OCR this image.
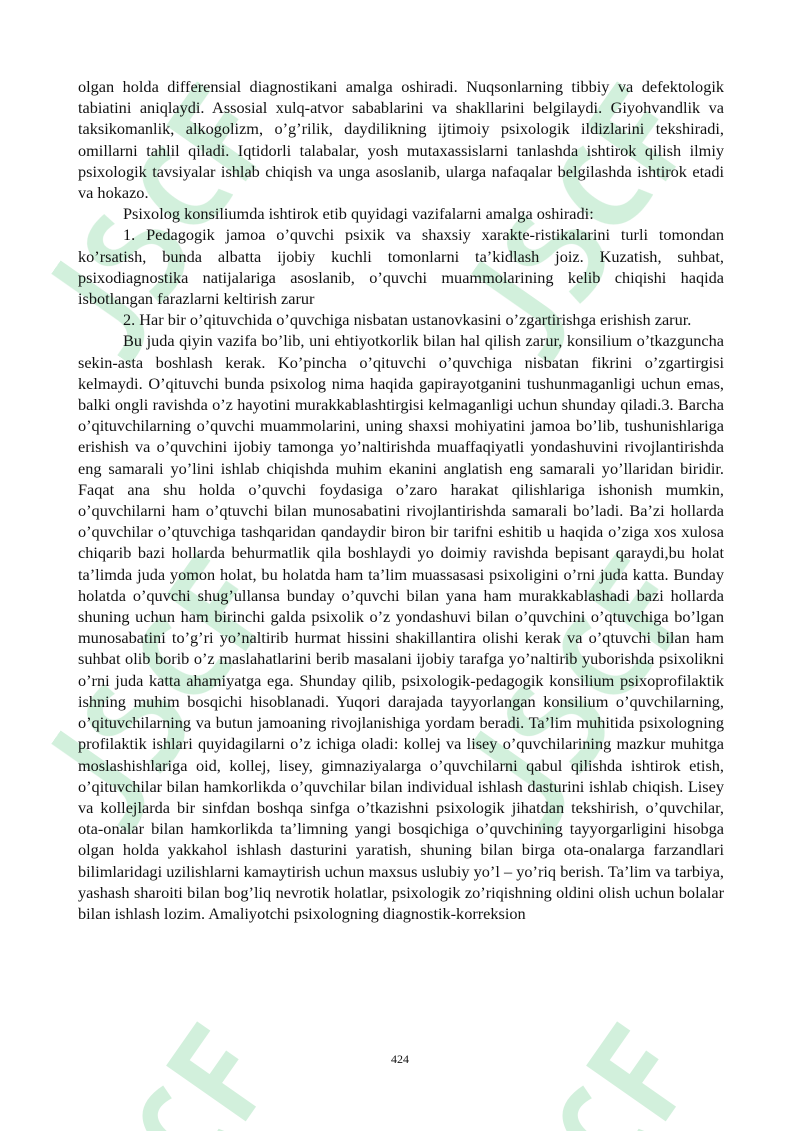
olgan holda differensial diagnostikani amalga oshiradi. Nuqsonlarning tibbiy va defektologik tabiatini aniqlaydi. Assosial xulq-atvor sabablarini va shakllarini belgilaydi. Giyohvandlik va taksikomanlik, alkogolizm, o’g’rilik, daydilikning ijtimoiy psixologik ildizlarini tekshiradi, omillarni tahlil qiladi. Iqtidorli talabalar, yosh mutaxassislarni tanlashda ishtirok qilish ilmiy psixologik tavsiyalar ishlab chiqish va unga asoslanib, ularga nafaqalar belgilashda ishtirok etadi va hokazo.

Psixolog konsiliumda ishtirok etib quyidagi vazifalarni amalga oshiradi:

1. Pedagogik jamoa o’quvchi psixik va shaxsiy xarakte-ristikalarini turli tomondan ko’rsatish, bunda albatta ijobiy kuchli tomonlarni ta’kidlash joiz. Kuzatish, suhbat, psixodiagnostika natijalariga asoslanib, o’quvchi muammolarining kelib chiqishi haqida isbotlangan farazlarni keltirish zarur

2. Har bir o’qituvchida o’quvchiga nisbatan ustanovkasini o’zgartirishga erishish zarur.

Bu juda qiyin vazifa bo’lib, uni ehtiyotkorlik bilan hal qilish zarur, konsilium o’tkazguncha sekin-asta boshlash kerak. Ko’pincha o’qituvchi o’quvchiga nisbatan fikrini o’zgartirgisi kelmaydi. O’qituvchi bunda psixolog nima haqida gapirayotganini tushunmaganligi uchun emas, balki ongli ravishda o’z hayotini murakkablashtirgisi kelmaganligi uchun shunday qiladi.3. Barcha o’qituvchilarning o’quvchi muammolarini, uning shaxsi mohiyatini jamoa bo’lib, tushunishlariga erishish va o’quvchini ijobiy tamonga yo’naltirishda muaffaqiyatli yondashuvini rivojlantirishda eng samarali yo’lini ishlab chiqishda muhim ekanini anglatish eng samarali yo’llaridan biridir. Faqat ana shu holda o’quvchi foydasiga o’zaro harakat qilishlariga ishonish mumkin, o’quvchilarni ham o’qtuvchi bilan munosabatini rivojlantirishda samarali bo’ladi. Ba’zi hollarda o’quvchilar o’qtuvchiga tashqaridan qandaydir biron bir tarifni eshitib u haqida o’ziga xos xulosa chiqarib bazi hollarda behurmatlik qila boshlaydi yo doimiy ravishda bepisant qaraydi,bu holat ta’limda juda yomon holat, bu holatda ham ta’lim muassasasi psixoligini o’rni juda katta. Bunday holatda o’quvchi shug’ullansa bunday o’quvchi bilan yana ham murakkablashadi bazi hollarda shuning uchun ham birinchi galda psixolik o’z yondashuvi bilan o’quvchini o’qtuvchiga bo’lgan munosabatini to’g’ri yo’naltirib hurmat hissini shakillantira olishi kerak va o’qtuvchi bilan ham suhbat olib borib o’z maslahatlarini berib masalani ijobiy tarafga yo’naltirib yuborishda psixolikni o’rni juda katta ahamiyatga ega. Shunday qilib, psixologik-pedagogik konsilium psixoprofilaktik ishning muhim bosqichi hisoblanadi. Yuqori darajada tayyorlangan konsilium o’quvchilarning, o’qituvchilarning va butun jamoaning rivojlanishiga yordam beradi. Ta’lim muhitida psixologning profilaktik ishlari quyidagilarni o’z ichiga oladi: kollej va lisey o’quvchilarining mazkur muhitga moslashishlariga oid, kollej, lisey, gimnaziyalarga o’quvchilarni qabul qilishda ishtirok etish, o’qituvchilar bilan hamkorlikda o’quvchilar bilan individual ishlash dasturini ishlab chiqish. Lisey va kollejlarda bir sinfdan boshqa sinfga o’tkazishni psixologik jihatdan tekshirish, o’quvchilar, ota-onalar bilan hamkorlikda ta’limning yangi bosqichiga o’quvchining tayyorgarligini hisobga olgan holda yakkahol ishlash dasturini yaratish, shuning bilan birga ota-onalarga farzandlari bilimlaridagi uzilishlarni kamaytirish uchun maxsus uslubiy yo’l – yo’riq berish. Ta’lim va tarbiya, yashash sharoiti bilan bog’liq nevrotik holatlar, psixologik zo’riqishning oldini olish uchun bolalar bilan ishlash lozim. Amaliyotchi psixologning diagnostik-korreksion

424
